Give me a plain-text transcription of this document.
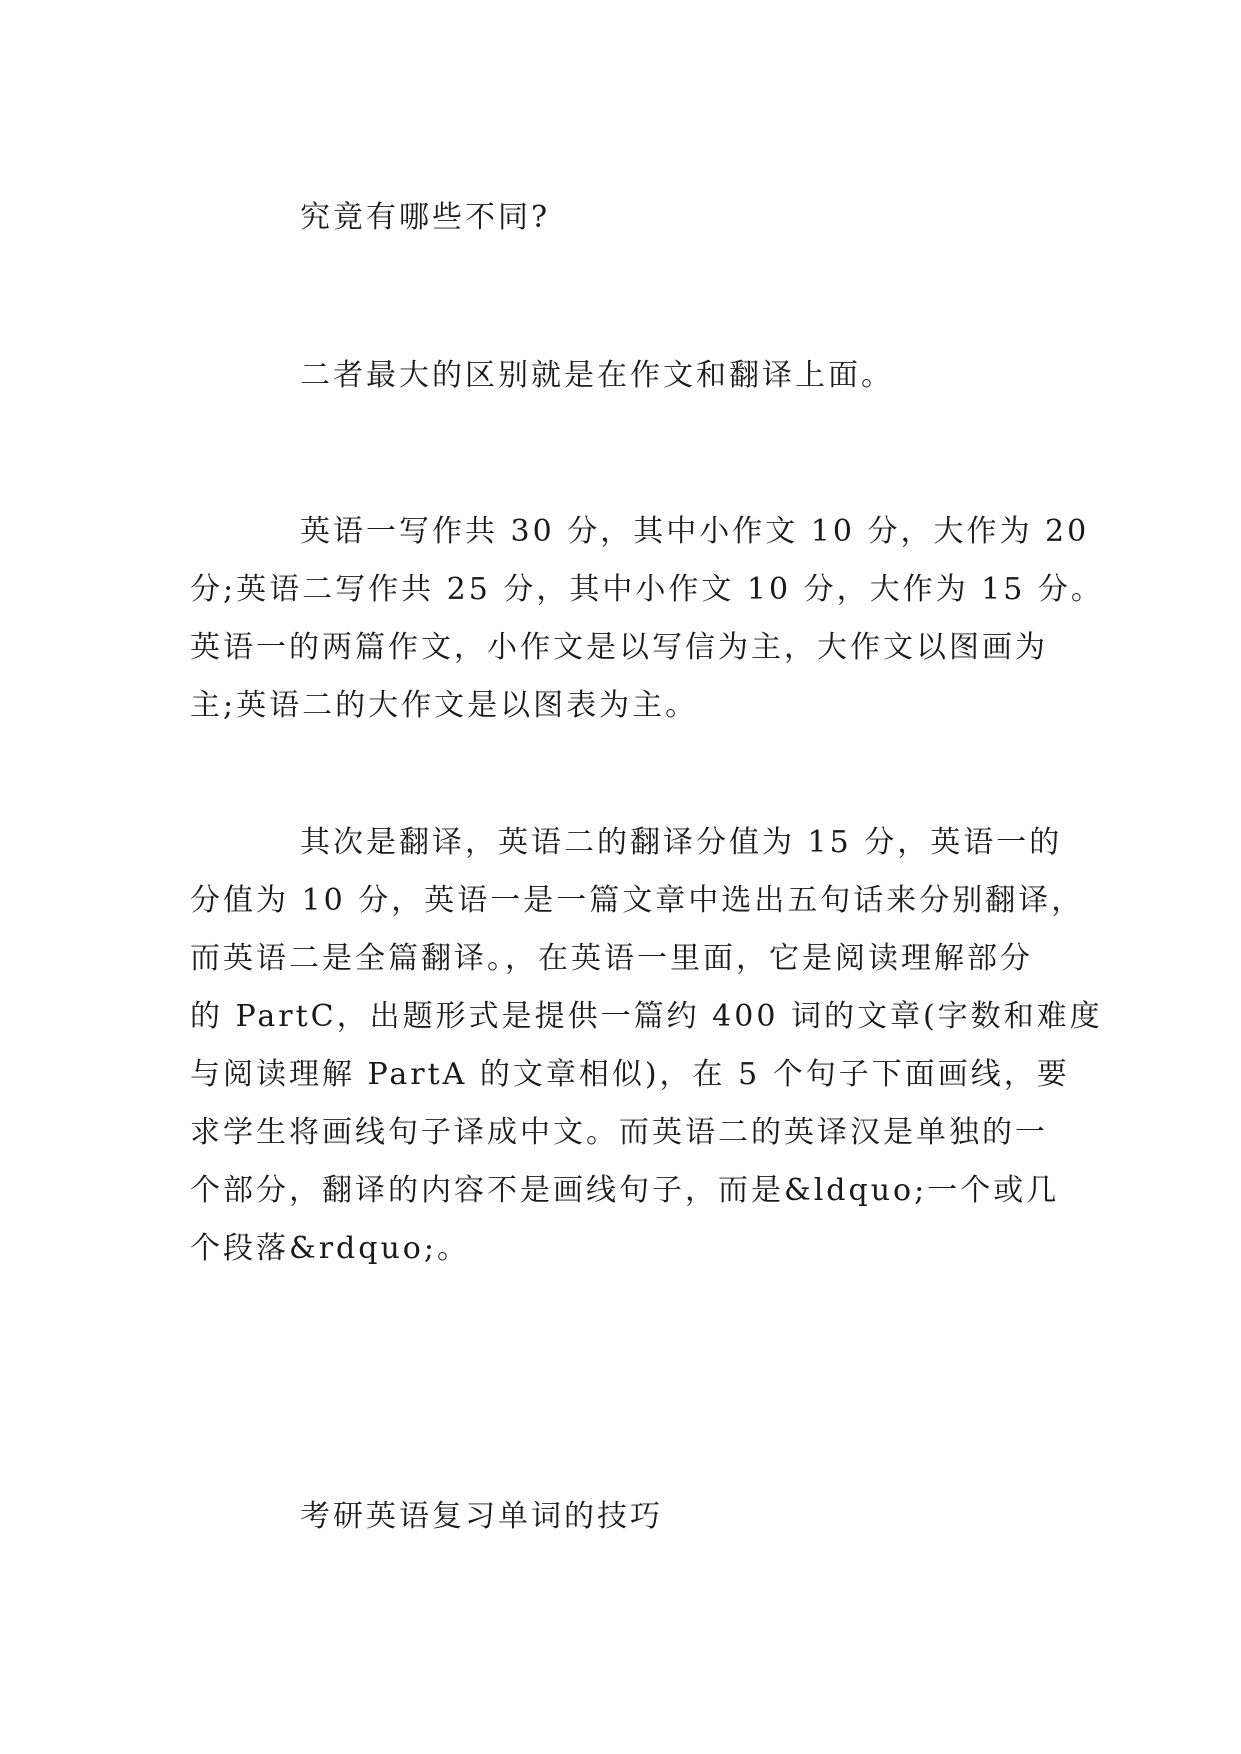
究竟有哪些不同?

二者最大的区别就是在作文和翻译上面。

英语一写作共 30 分，其中小作文 10 分，大作为 20
分;英语二写作共 25 分，其中小作文 10 分，大作为 15 分。
英语一的两篇作文，小作文是以写信为主，大作文以图画为
主;英语二的大作文是以图表为主。

其次是翻译，英语二的翻译分值为 15 分，英语一的
分值为 10 分，英语一是一篇文章中选出五句话来分别翻译，
而英语二是全篇翻译。，在英语一里面，它是阅读理解部分
的 PartC，出题形式是提供一篇约 400 词的文章(字数和难度
与阅读理解 PartA 的文章相似)，在 5 个句子下面画线，要
求学生将画线句子译成中文。而英语二的英译汉是单独的一
个部分，翻译的内容不是画线句子，而是&ldquo;一个或几
个段落&rdquo;。

考研英语复习单词的技巧
